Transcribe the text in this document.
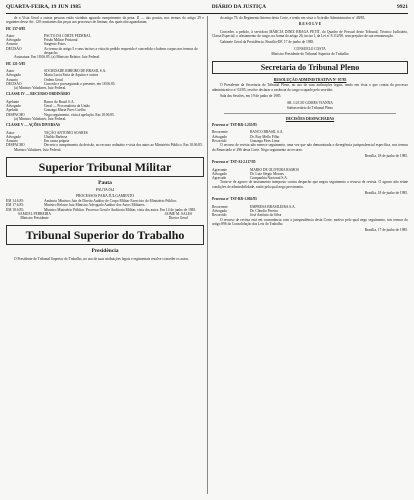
QUARTA-FEIRA, 19 JUN 1985	DIÁRIO DA JUSTIÇA	9921

de a Vista Geral a outras pessoas estão vizinhas aguardo cumprimento da pena. II — tais pontos, nos termos do artigo 29 e seguintes desse Art. 120 constantes das peças aos processos de liminar, dos quais não aguardaram.

HC 137-0/85
Autor	PACTO DA CORTE FEDERAL
Advogado	Prisão Militar Prisional
Assunto	Sargento Fotos
DECISÃO	Ao termo do artigo 5 e seus incisos a vista do pedido requerido é concedido o habeas corpus nos termos do despacho.

Assinatura. Em 18.06.85. (a) Ministro Relator. Juiz Federal.

HC 121-5/85
Autor	SOCIEDADE RIBEIRO DE BRASIL S.A.
Advogado	Maria Lucia Faria de Aquino e outros
Assunto	Ordem Geral
DECISÃO	Concedo e prosseguindo o presente, em 18.06.85.

(a) Ministro Valadares, Juiz Federal.

CLASSE IV — RECURSO ORDINÁRIO
Apelante	Banco do Brasil S.A.
Advogado	Geral — Procuradoria da União
Apelado	Gonzaga Maria Pires Coelho
DESPACHO	Nega seguimento, vista à apelação. Em 18.06.85.

(a) Ministro Valadares, Juiz Federal.

CLASSE V — AÇÕES DIVERSAS
Autor	TAÇÃO ANTONIO SOARES
Advogado	Ubaldo Barbosa
Assunto	Em causa própria
DESPACHO	Decreto o cumprimento da decisão, no recurso ordinário e vista dos autos ao Ministério Público. Em 18.06.85.

Ministro Valadares, Juiz Federal.

Superior Tribunal Militar
Pauta
PAUTA 034
PROCESSOS PARA JULGAMENTO
EM 14.6.85:	Amâncio Ministro Juiz de Direito Auditor de Corpo Militar Exercício do Ministério Público.
EM 17.6.85:	Ministro Relator Juiz Ministro Advogado Auditor dos Autos Militares.
EM 18.6.85:	Ministro Ministério Público. Processo Geral e Auditoria Militar, vista dos autos. Em 14 de junho de 1985.
SAMUEL FERREIRA
Ministro Presidente
JAIME M. SALES
Diretor Geral
Tribunal Superior do Trabalho
Presidência

O Presidente do Tribunal Superior do Trabalho, no uso de suas atribuições legais e regimentais resolve conceder os autos.

do artigo 79, do Regimento Interno desta Corte, e tendo em vista o Acórdão Administrativo nº 48/85,

R E S O L V E

Conceder, a pedido, à servidora MÁRCIA DINIZ BRAGA PETIT, do Quadro de Pessoal deste Tribunal, Técnico Judiciário, Classe Especial, o afastamento do cargo, na forma do artigo 26, inciso I, da Lei nº 8.112/90, sem prejuízo de sua remuneração.

Gabinete Geral da Presidência. Brasília-DF, 17 de junho de 1985.

CONSUELO COSTA
Ministro Presidente do Tribunal Superior do Trabalho
Secretaria do Tribunal Pleno
RESOLUÇÃO ADMINISTRATIVA Nº 07/85

O Presidente da Secretaria do Tribunal Pleno, no uso de suas atribuições legais, tendo em vista o que consta do processo administrativo nº 02/85, resolve declarar a vacância do cargo ocupado pelo servidor.

Sala das Sessões, em 19 de junho de 1985.

SR. LUCIO GOMES VIANNA
Subsecretário do Tribunal Pleno
DECISÕES DESPACHADAS
Processo nº TST-RR-1.235/85
Recorrente	BANCO BRASIL S.A.
Advogado	Dr. Ruy Mello Filho
Recorrido	Gonzaga Pires Lima

O recurso de revista não merece seguimento, uma vez que não demonstrada a divergência jurisprudencial específica, nos termos do Enunciado nº 296 desta Corte. Nego seguimento ao recurso.

Brasília, 18 de junho de 1985.

Processo nº TST-AI-2.117/85
Agravante	MARIO DE OLIVEIRA RAMOS
Advogado	Dr. Luiz Sérgio Moraes
Agravado	Companhia Nacional S.A.

Trata-se de agravo de instrumento interposto contra despacho que negou seguimento a recurso de revista. O agravo não reúne condições de admissibilidade, razão pela qual nego provimento.

Brasília, 18 de junho de 1985.

Processo nº TST-RR-1.002/85
Recorrente	EMPRESA BRASILEIRA S.A.
Advogado	Dr. Cláudio Pereira
Recorrido	José Antônio da Silva

O recurso de revista está em consonância com a jurisprudência desta Corte, motivo pelo qual nego seguimento, nos termos do artigo 896 da Consolidação das Leis do Trabalho.

Brasília, 17 de junho de 1985.
